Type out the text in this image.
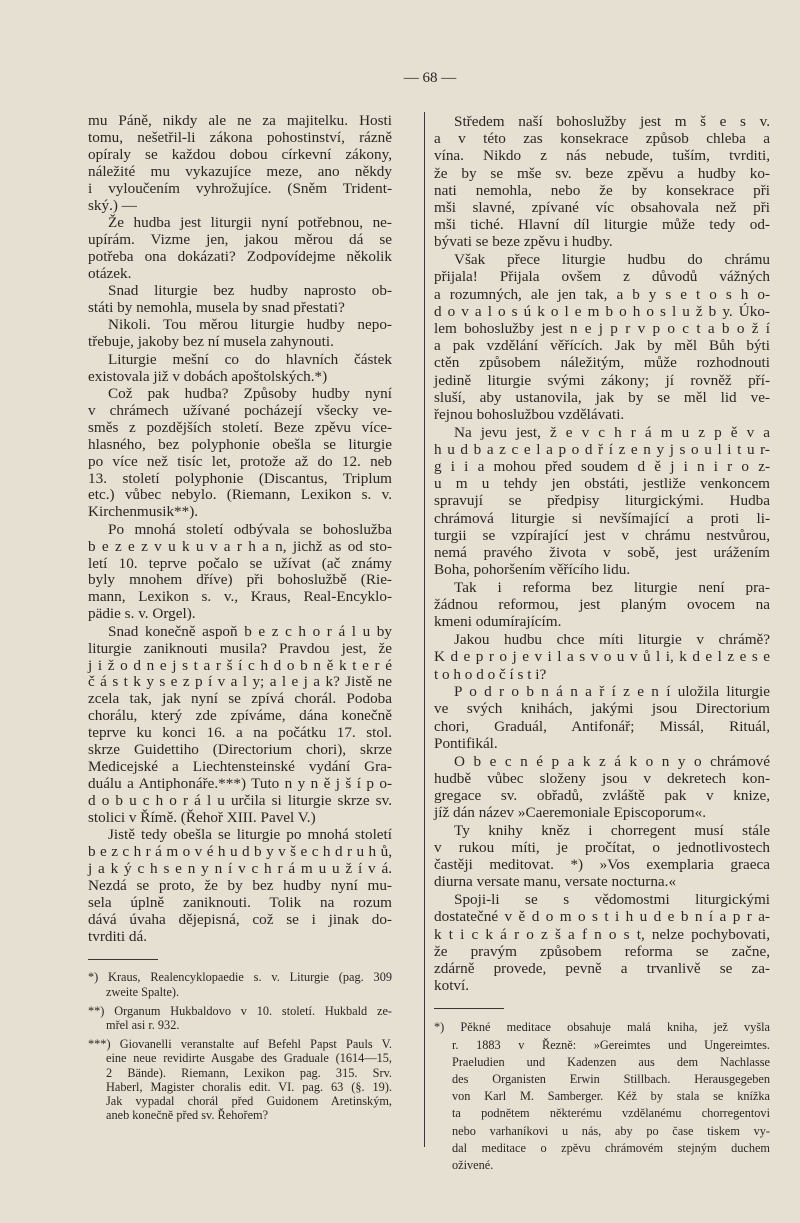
— 68 —
mu Páně, nikdy ale ne za majitelku. Hosti
tomu, nešetřil-li zákona pohostinství, rázně
opíraly se každou dobou církevní zákony,
náležité mu vykazujíce meze, ano někdy
i vyloučením vyhrožujíce. (Sněm Trident-
ský.) —
Že hudba jest liturgii nyní potřebnou, ne-
upírám. Vizme jen, jakou měrou dá se
potřeba ona dokázati? Zodpovídejme několik
otázek.
Snad liturgie bez hudby naprosto ob-
státi by nemohla, musela by snad přestati?
Nikoli. Tou měrou liturgie hudby nepo-
třebuje, jakoby bez ní musela zahynouti.
Liturgie mešní co do hlavních částek
existovala již v dobách apoštolských.*)
Což pak hudba? Způsoby hudby nyní
v chrámech užívané pocházejí všecky ve-
směs z pozdějších století. Beze zpěvu více-
hlasného, bez polyphonie obešla se liturgie
po více než tisíc let, protože až do 12. neb
13. století polyphonie (Discantus, Triplum
etc.) vůbec nebylo. (Riemann, Lexikon s. v.
Kirchenmusik**).
Po mnohá století odbývala se bohoslužba
b e z e z v u k u v a r h a n, jichž as od sto-
letí 10. teprve počalo se užívat (ač známy
byly mnohem dříve) při bohoslužbě (Rie-
mann, Lexikon s. v., Kraus, Real-Encyklo-
pädie s. v. Orgel).
Snad konečně aspoň b e z c h o r á l u by
liturgie zaniknouti musila? Pravdou jest, že
j i ž o d n e j s t a r š í c h d o b n ě k t e r é
č á s t k y s e z p í v a l y; a l e j a k? Jistě ne
zcela tak, jak nyní se zpívá chorál. Podoba
chorálu, který zde zpíváme, dána konečně
teprve ku konci 16. a na počátku 17. stol.
skrze Guidettiho (Directorium chori), skrze
Medicejské a Liechtensteinské vydání Gra-
duálu a Antiphonáře.***) Tuto n y n ě j š í p o-
d o b u c h o r á l u určila si liturgie skrze sv.
stolici v Římě. (Řehoř XIII. Pavel V.)
Jistě tedy obešla se liturgie po mnohá století
b e z c h r á m o v é h u d b y v š e c h d r u h ů,
j a k ý c h s e n y n í v c h r á m u u ž í v á.
Nezdá se proto, že by bez hudby nyní mu-
sela úplně zaniknouti. Tolik na rozum
dává úvaha dějepisná, což se i jinak do-
tvrditi dá.
*) Kraus, Realencyklopaedie s. v. Liturgie (pag. 309
zweite Spalte).
**) Organum Hukbaldovo v 10. století. Hukbald ze-
mřel asi r. 932.
***) Giovanelli veranstalte auf Befehl Papst Pauls V.
eine neue revidirte Ausgabe des Graduale (1614—15,
2 Bände). Riemann, Lexikon pag. 315. Srv.
Haberl, Magister choralis edit. VI. pag. 63 (§. 19).
Jak vypadal chorál před Guidonem Aretinským,
aneb konečně před sv. Řehořem?
Středem naší bohoslužby jest m š e s v.
a v této zas konsekrace způsob chleba a
vína. Nikdo z nás nebude, tuším, tvrditi,
že by se mše sv. beze zpěvu a hudby ko-
nati nemohla, nebo že by konsekrace při
mši slavné, zpívané víc obsahovala než při
mši tiché. Hlavní díl liturgie může tedy od-
bývati se beze zpěvu i hudby.
Však přece liturgie hudbu do chrámu
přijala! Přijala ovšem z důvodů vážných
a rozumných, ale jen tak, a b y s e t o s h o-
d o v a l o s ú k o l e m b o h o s l u ž b y. Úko-
lem bohoslužby jest n e j p r v p o c t a b o ž í
a pak vzdělání věřících. Jak by měl Bůh býti
ctěn způsobem náležitým, může rozhodnouti
jedině liturgie svými zákony; jí rovněž pří-
sluší, aby ustanovila, jak by se měl lid ve-
řejnou bohoslužbou vzdělávati.
Na jevu jest, ž e v c h r á m u z p ě v a
h u d b a z c e l a p o d ř í z e n y j s o u l i t u r-
g i i a mohou před soudem d ě j i n i r o z-
u m u tehdy jen obstáti, jestliže venkoncem
spravují se předpisy liturgickými. Hudba
chrámová liturgie si nevšímající a proti li-
turgii se vzpírající jest v chrámu nestvůrou,
nemá pravého života v sobě, jest urážením
Boha, pohoršením věřícího lidu.
Tak i reforma bez liturgie není pra-
žádnou reformou, jest planým ovocem na
kmeni odumírajícím.
Jakou hudbu chce míti liturgie v chrámě?
K d e p r o j e v i l a s v o u v ů l i, k d e l z e s e
t o h o d o č í s t i?
P o d r o b n á n a ř í z e n í uložila liturgie
ve svých knihách, jakými jsou Directorium
chori, Graduál, Antifonář; Missál, Rituál,
Pontifikál.
O b e c n é p a k z á k o n y o chrámové
hudbě vůbec složeny jsou v dekretech kon-
gregace sv. obřadů, zvláště pak v knize,
jíž dán název »Caeremoniale Episcoporum«.
Ty knihy kněz i chorregent musí stále
v rukou míti, je pročítat, o jednotlivostech
častěji meditovat. *) »Vos exemplaria graeca
diurna versate manu, versate nocturna.«
Spoji-li se s vědomostmi liturgickými
dostatečné v ě d o m o s t i h u d e b n í a p r a-
k t i c k á r o z š a f n o s t, nelze pochybovati,
že pravým způsobem reforma se začne,
zdárně provede, pevně a trvanlivě se za-
kotví.
*) Pěkné meditace obsahuje malá kniha, jež vyšla
r. 1883 v Řezně: »Gereimtes und Ungereimtes.
Praeludien und Kadenzen aus dem Nachlasse
des Organisten Erwin Stillbach. Herausgegeben
von Karl M. Samberger. Kéž by stala se knížka
ta podnětem některému vzdělanému chorregentovi
nebo varhaníkovi u nás, aby po čase tiskem vy-
dal meditace o zpěvu chrámovém stejným duchem
oživené.
